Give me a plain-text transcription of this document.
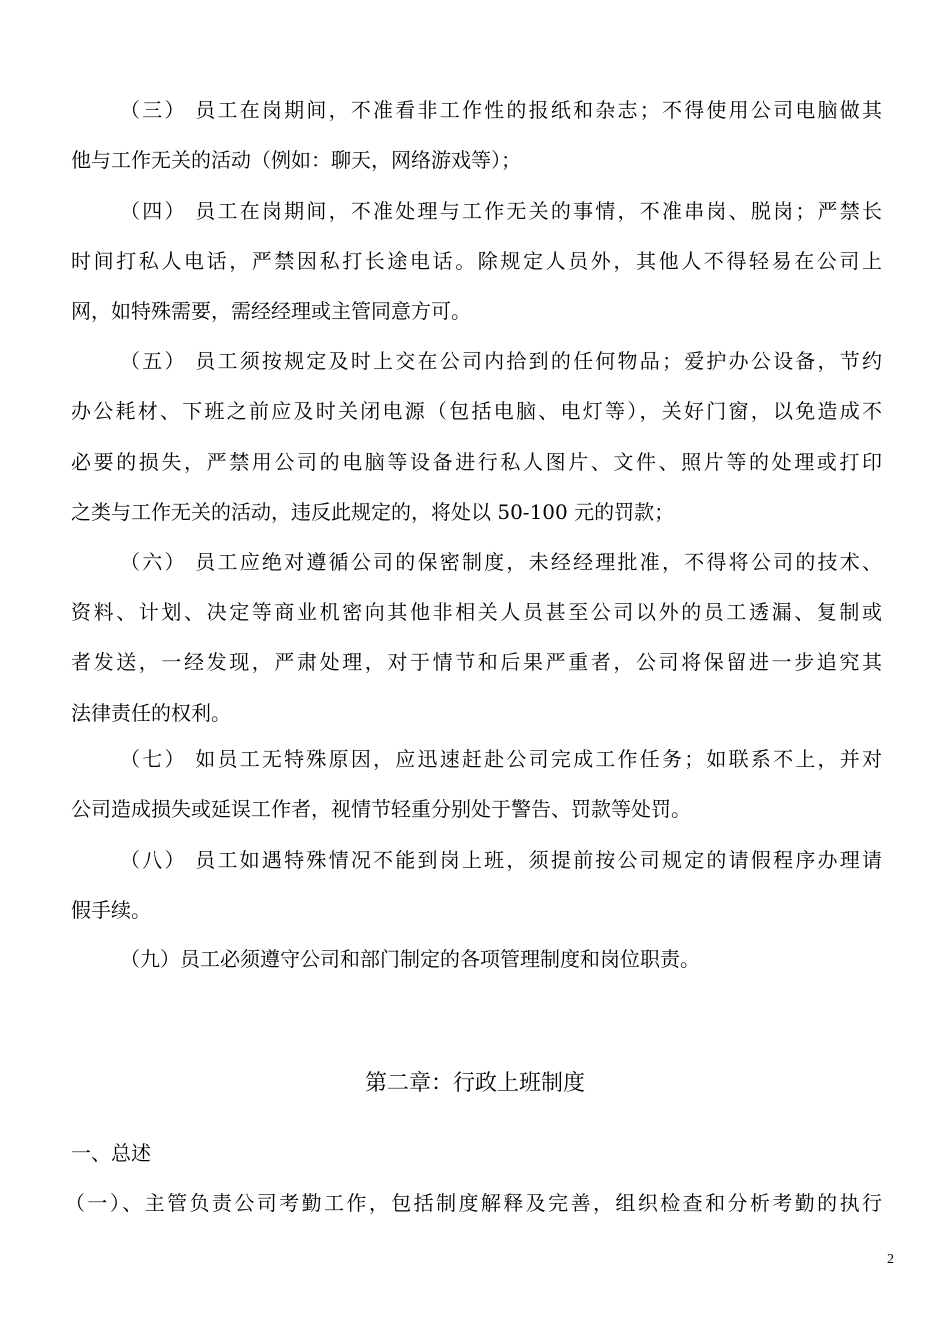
（三） 员工在岗期间，不准看非工作性的报纸和杂志；不得使用公司电脑做其
他与工作无关的活动（例如：聊天，网络游戏等）；
（四） 员工在岗期间，不准处理与工作无关的事情，不准串岗、脱岗；严禁长
时间打私人电话，严禁因私打长途电话。除规定人员外，其他人不得轻易在公司上
网，如特殊需要，需经经理或主管同意方可。
（五） 员工须按规定及时上交在公司内拾到的任何物品；爱护办公设备，节约
办公耗材、下班之前应及时关闭电源（包括电脑、电灯等），关好门窗，以免造成不
必要的损失，严禁用公司的电脑等设备进行私人图片、文件、照片等的处理或打印
之类与工作无关的活动，违反此规定的，将处以 50-100 元的罚款；
（六） 员工应绝对遵循公司的保密制度，未经经理批准，不得将公司的技术、
资料、计划、决定等商业机密向其他非相关人员甚至公司以外的员工透漏、复制或
者发送，一经发现，严肃处理，对于情节和后果严重者，公司将保留进一步追究其
法律责任的权利。
（七） 如员工无特殊原因，应迅速赶赴公司完成工作任务；如联系不上，并对
公司造成损失或延误工作者，视情节轻重分别处于警告、罚款等处罚。
（八） 员工如遇特殊情况不能到岗上班，须提前按公司规定的请假程序办理请
假手续。
（九）员工必须遵守公司和部门制定的各项管理制度和岗位职责。
第二章：行政上班制度
一、总述
（一）、主管负责公司考勤工作，包括制度解释及完善，组织检查和分析考勤的执行
2
